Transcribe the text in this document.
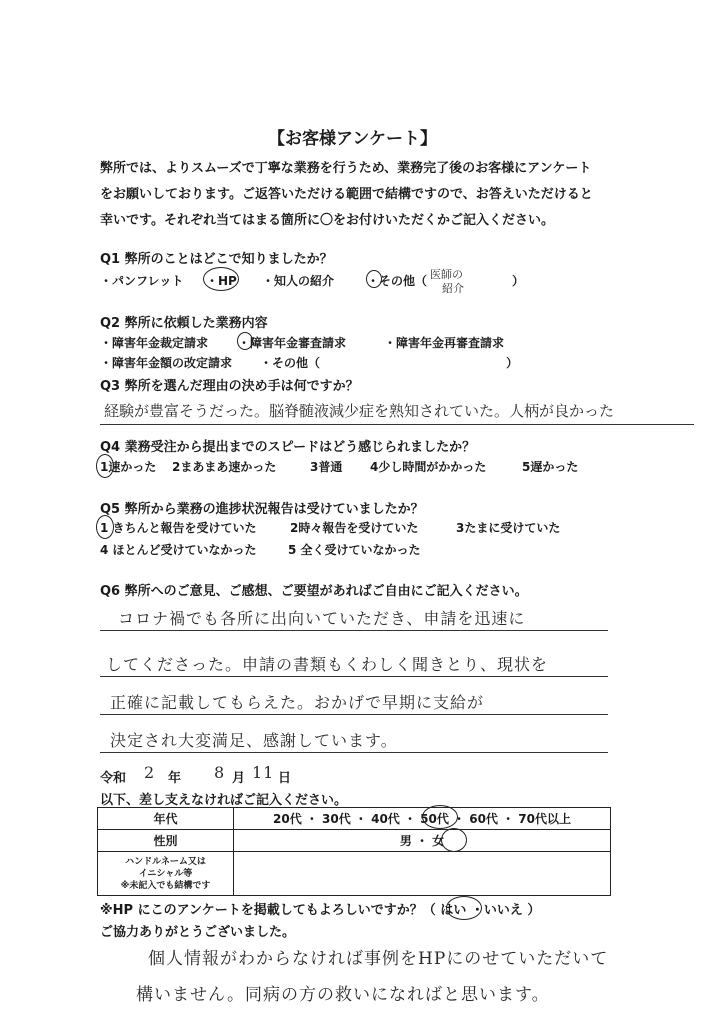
【お客様アンケート】
弊所では、よりスムーズで丁寧な業務を行うため、業務完了後のお客様にアンケート
をお願いしております。ご返答いただける範囲で結構ですので、お答えいただけると
幸いです。それぞれ当てはまる箇所に〇をお付けいただくかご記入ください。
Q1 弊所のことはどこで知りましたか？
・パンフレット ・HP ・知人の紹介	・その他（ 医師の
紹介
）
Q2 弊所に依頼した業務内容
・障害年金裁定請求 ・障害年金審査請求	・障害年金再審査請求
・障害年金額の改定請求 ・その他（	）
Q3 弊所を選んだ理由の決め手は何ですか？
経験が豊富そうだった。脳脊髄液減少症を熟知されていた。人柄が良かった
Q4 業務受注から提出までのスピードはどう感じられましたか？
1速かった 2まあまあ速かった	3普通 4少し時間がかかった	5遅かった
Q5 弊所から業務の進捗状況報告は受けていましたか？
1 きちんと報告を受けていた	2時々報告を受けていた	3たまに受けていた
4 ほとんど受けていなかった	5 全く受けていなかった
Q6 弊所へのご意見、ご感想、ご要望があればご自由にご記入ください。
コロナ禍でも各所に出向いていただき、申請を迅速に
してくださった。申請の書類もくわしく聞きとり、現状を
正確に記載してもらえた。おかげで早期に支給が
決定され大変満足、感謝しています。
令和 2 年 8 月 11 日
以下、差し支えなければご記入ください。
年代	20代 ・ 30代 ・ 40代 ・ 50代 ・ 60代 ・ 70代以上
性別	男 ・ 女

ハンドルネーム又は
イニシャル等
※未記入でも結構です	

※HP にこのアンケートを掲載してもよろしいですか？（ はい ・いいえ ）
ご協力ありがとうございました。
個人情報がわからなければ事例をHPにのせていただいて
構いません。同病の方の救いになればと思います。
